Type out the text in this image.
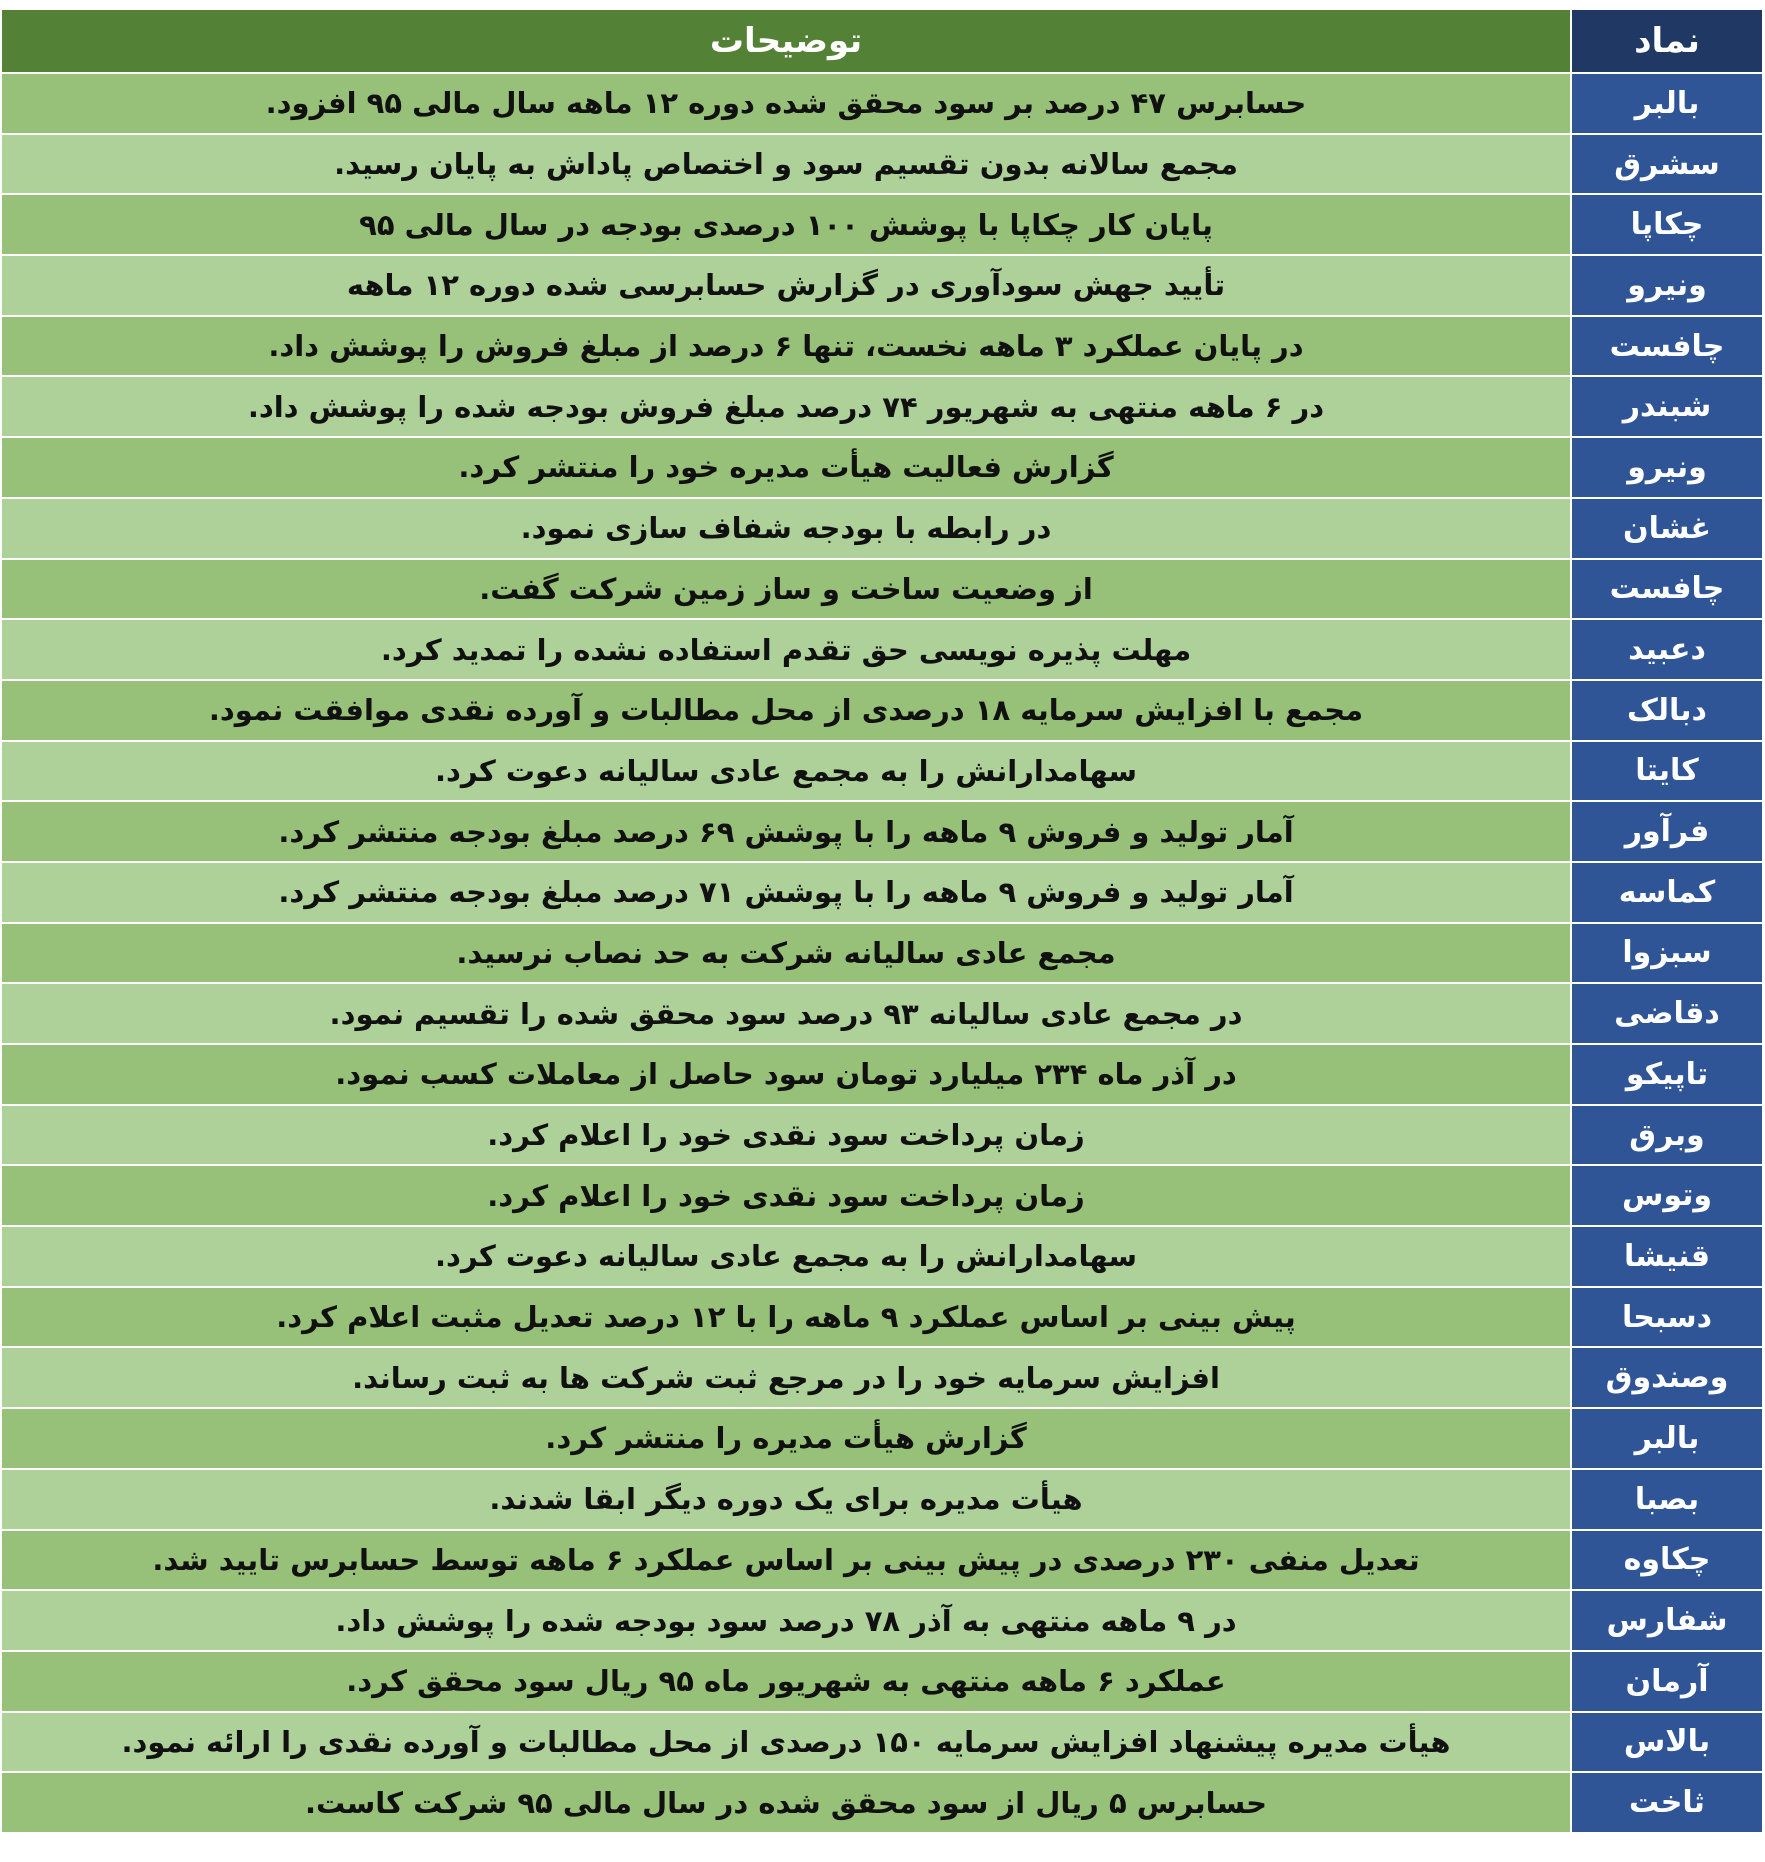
نماد	توضیحات
بالبر	حسابرس ۴۷ درصد بر سود محقق شده دوره ۱۲ ماهه سال مالی ۹۵ افزود.
سشرق	مجمع سالانه بدون تقسیم سود و اختصاص پاداش به پایان رسید.
چکاپا	پایان کار چکاپا با پوشش ۱۰۰ درصدی بودجه در سال مالی ۹۵
ونیرو	تأیید جهش سودآوری در گزارش حسابرسی شده دوره ۱۲ ماهه
چافست	در پایان عملکرد ۳ ماهه نخست، تنها ۶ درصد از مبلغ فروش را پوشش داد.
شبندر	در ۶ ماهه منتهی به شهریور ۷۴ درصد مبلغ فروش بودجه شده را پوشش داد.
ونیرو	گزارش فعالیت هیأت مدیره خود را منتشر کرد.
غشان	در رابطه با بودجه شفاف سازی نمود.
چافست	از وضعیت ساخت و ساز زمین شرکت گفت.
دعبید	مهلت پذیره نویسی حق تقدم استفاده نشده را تمدید کرد.
دبالک	مجمع با افزایش سرمایه ۱۸ درصدی از محل مطالبات و آورده نقدی موافقت نمود.
کایتا	سهامدارانش را به مجمع عادی سالیانه دعوت کرد.
فرآور	آمار تولید و فروش ۹ ماهه را با پوشش ۶۹ درصد مبلغ بودجه منتشر کرد.
کماسه	آمار تولید و فروش ۹ ماهه را با پوشش ۷۱ درصد مبلغ بودجه منتشر کرد.
سبزوا	مجمع عادی سالیانه شرکت به حد نصاب نرسید.
دقاضی	در مجمع عادی سالیانه ۹۳ درصد سود محقق شده را تقسیم نمود.
تاپیکو	در آذر ماه ۲۳۴ میلیارد تومان سود حاصل از معاملات کسب نمود.
وبرق	زمان پرداخت سود نقدی خود را اعلام کرد.
وتوس	زمان پرداخت سود نقدی خود را اعلام کرد.
قنیشا	سهامدارانش را به مجمع عادی سالیانه دعوت کرد.
دسبحا	پیش بینی بر اساس عملکرد ۹ ماهه را با ۱۲ درصد تعدیل مثبت اعلام کرد.
وصندوق	افزایش سرمایه خود را در مرجع ثبت شرکت ها به ثبت رساند.
بالبر	گزارش هیأت مدیره را منتشر کرد.
بصبا	هیأت مدیره برای یک دوره دیگر ابقا شدند.
چکاوه	تعدیل منفی ۲۳۰ درصدی در پیش بینی بر اساس عملکرد ۶ ماهه توسط حسابرس تایید شد.
شفارس	در ۹ ماهه منتهی به آذر ۷۸ درصد سود بودجه شده را پوشش داد.
آرمان	عملکرد ۶ ماهه منتهی به شهریور ماه ۹۵ ریال سود محقق کرد.
بالاس	هیأت مدیره پیشنهاد افزایش سرمایه ۱۵۰ درصدی از محل مطالبات و آورده نقدی را ارائه نمود.
ثاخت	حسابرس ۵ ریال از سود محقق شده در سال مالی ۹۵ شرکت کاست.
